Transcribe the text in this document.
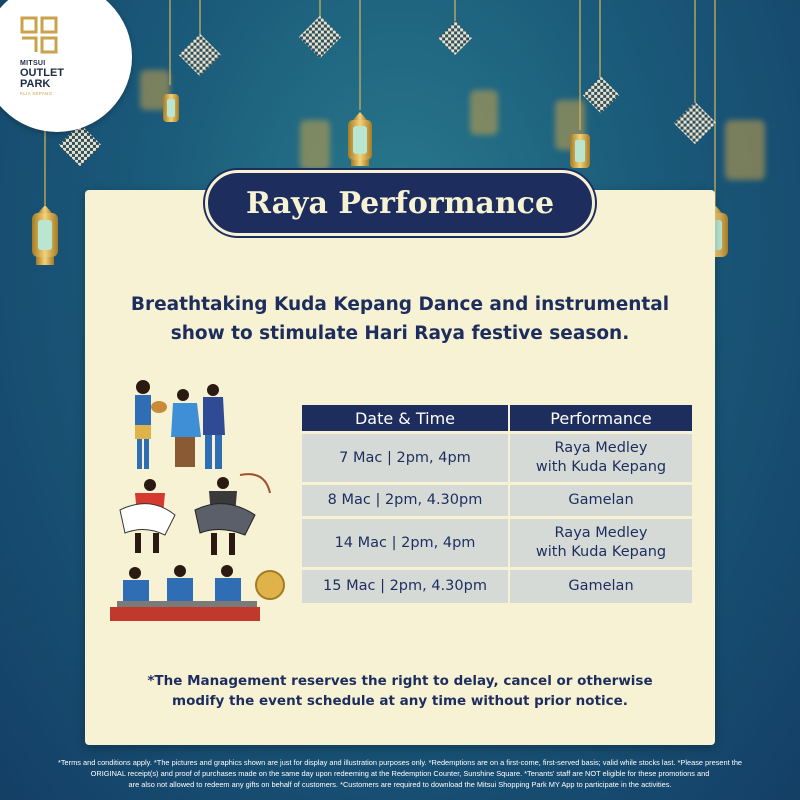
MITSUI
OUTLET
PARK
KLIA SEPANG
Raya Performance
Breathtaking Kuda Kepang Dance and instrumental
show to stimulate Hari Raya festive season.
Date & Time	Performance
7 Mac | 2pm, 4pm	Raya Medley
with Kuda Kepang

8 Mac | 2pm, 4.30pm	Gamelan

14 Mac | 2pm, 4pm	Raya Medley
with Kuda Kepang

15 Mac | 2pm, 4.30pm	Gamelan
*The Management reserves the right to delay, cancel or otherwise
modify the event schedule at any time without prior notice.
*Terms and conditions apply. *The pictures and graphics shown are just for display and illustration purposes only. *Redemptions are on a first-come, first-served basis; valid while stocks last. *Please present the
ORIGINAL receipt(s) and proof of purchases made on the same day upon redeeming at the Redemption Counter, Sunshine Square. *Tenants' staff are NOT eligible for these promotions and
are also not allowed to redeem any gifts on behalf of customers. *Customers are required to download the Mitsui Shopping Park MY App to participate in the activities.
